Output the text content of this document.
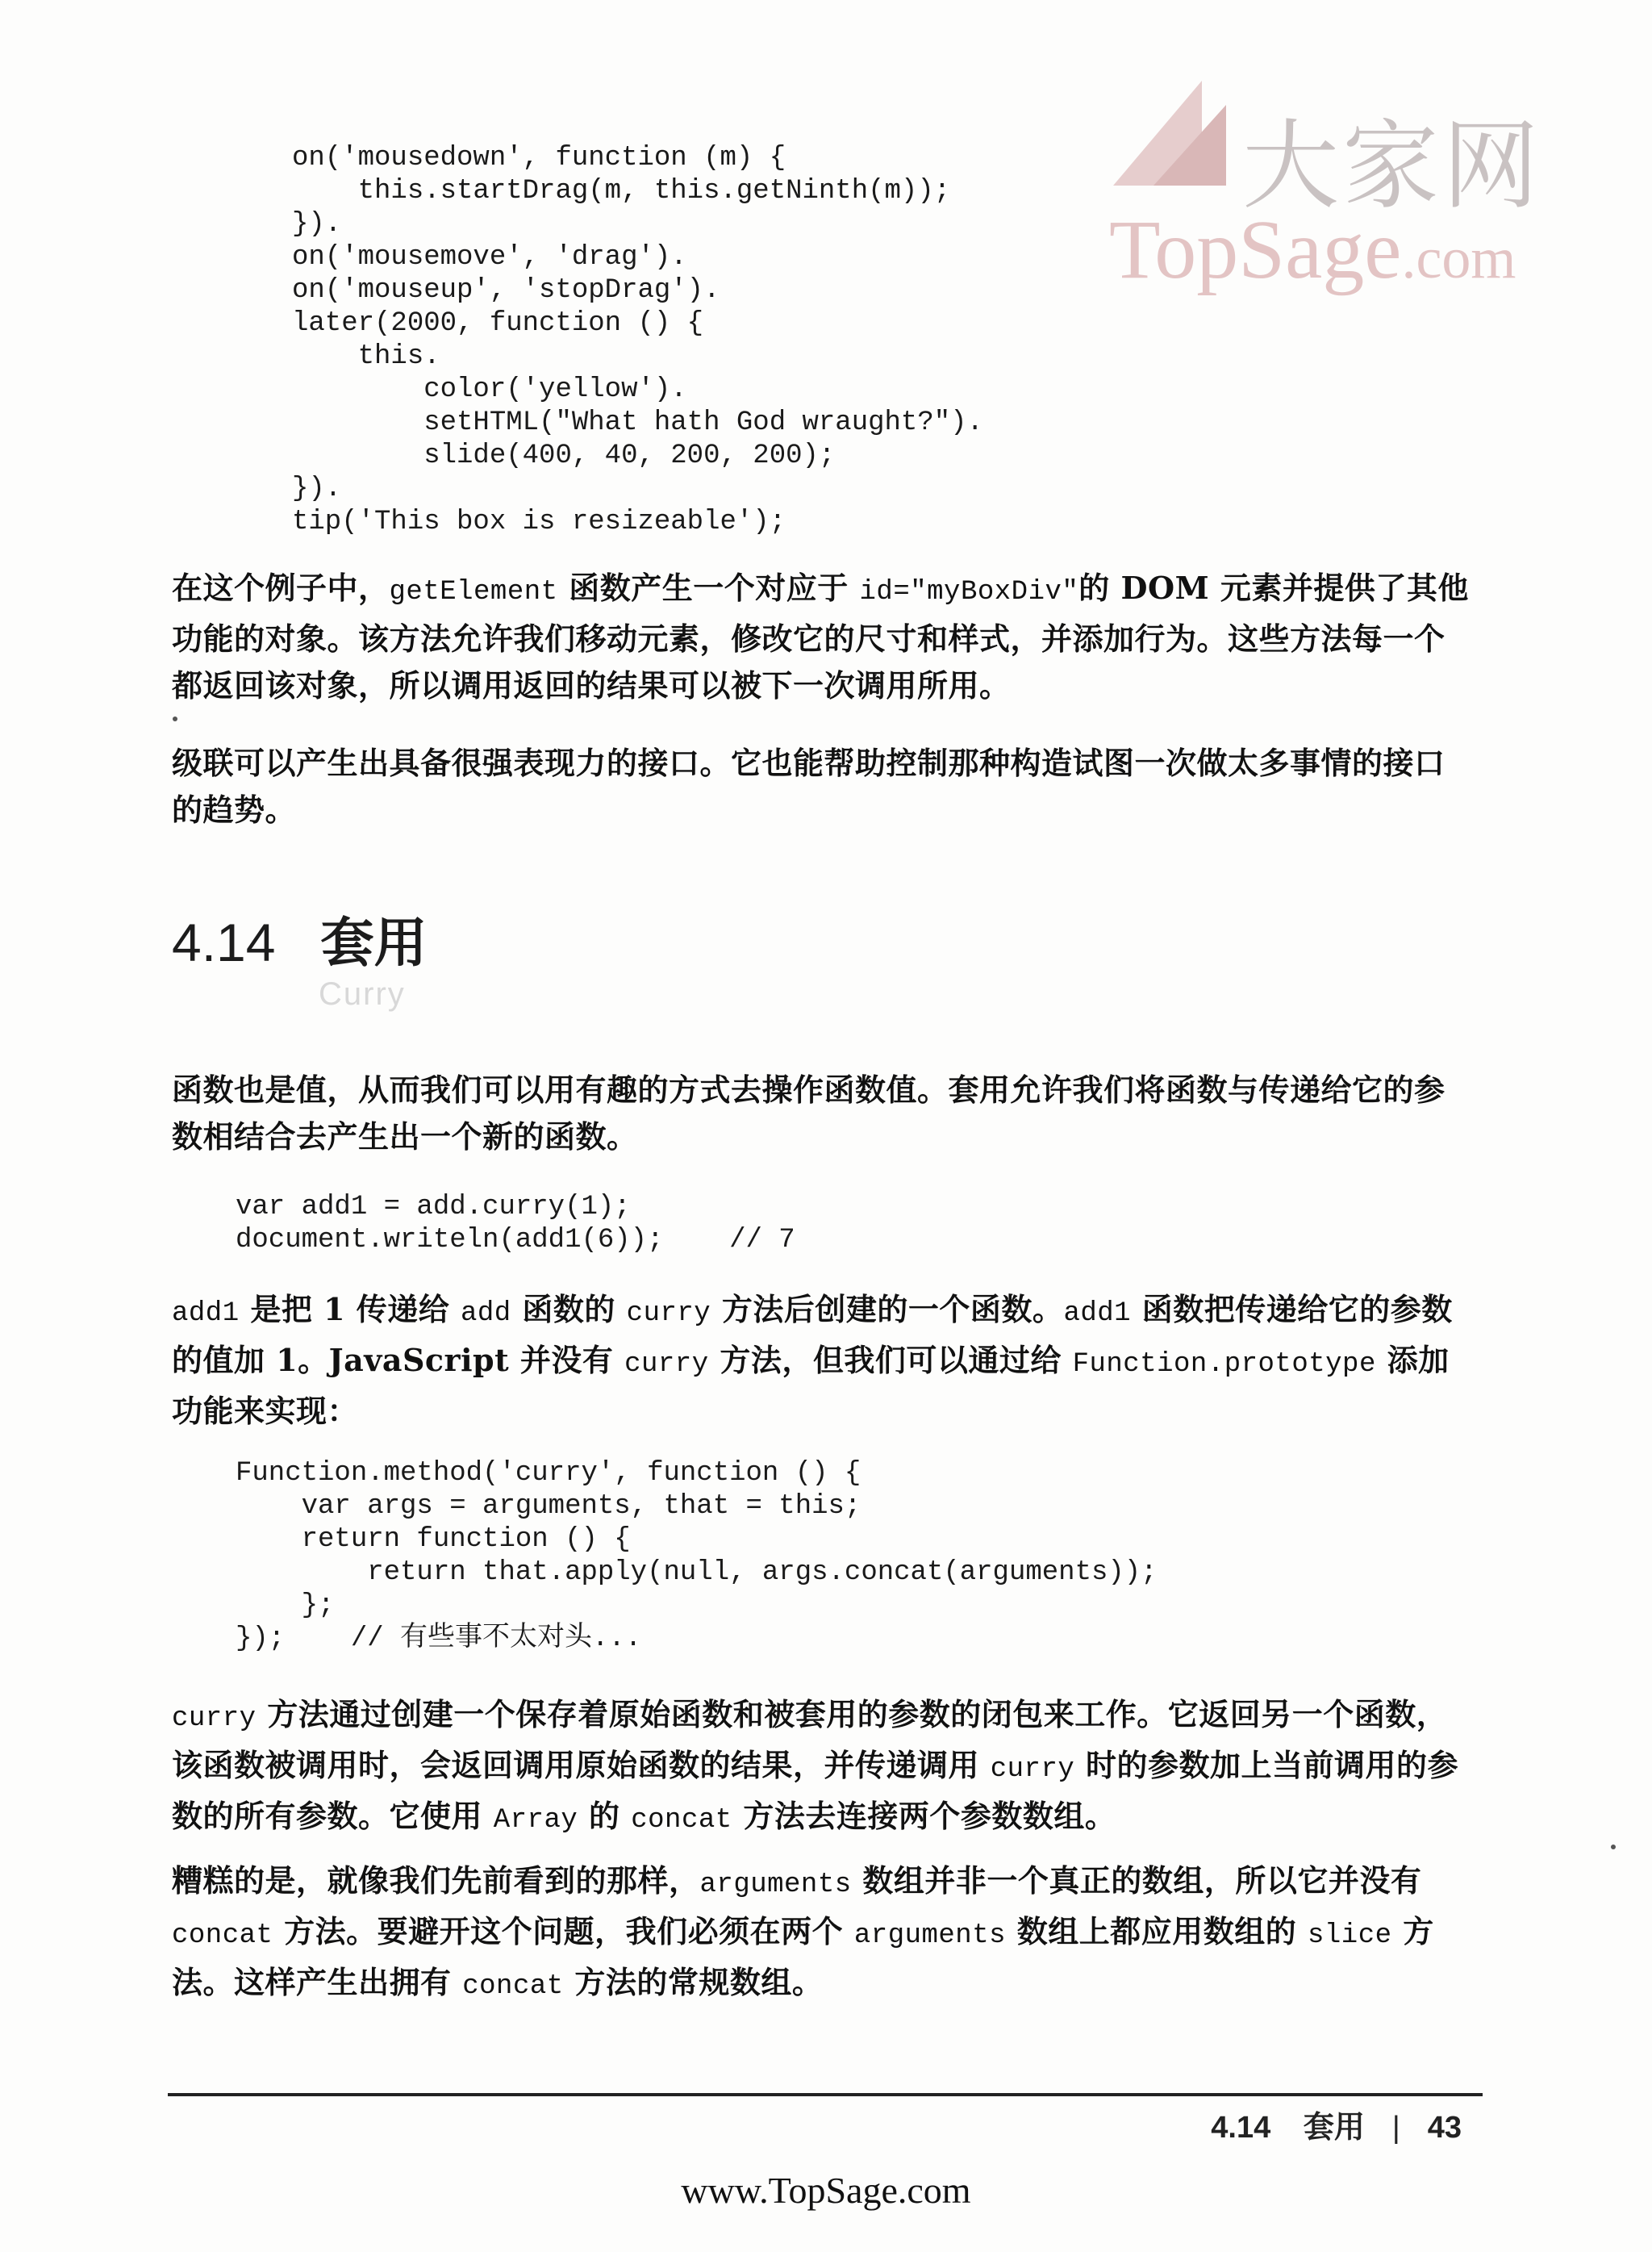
大家网
TopSage.com
on('mousedown', function (m) {
this.startDrag(m, this.getNinth(m));
}).
on('mousemove', 'drag').
on('mouseup', 'stopDrag').
later(2000, function () {
this.
color('yellow').
setHTML("What hath God wraught?").
slide(400, 40, 200, 200);
}).
tip('This box is resizeable');

在这个例子中，getElement 函数产生一个对应于 id="myBoxDiv"的 DOM 元素并提供了其他功能的对象。该方法允许我们移动元素，修改它的尺寸和样式，并添加行为。这些方法每一个都返回该对象，所以调用返回的结果可以被下一次调用所用。

级联可以产生出具备很强表现力的接口。它也能帮助控制那种构造试图一次做太多事情的接口的趋势。

4.14 套用
Curry

函数也是值，从而我们可以用有趣的方式去操作函数值。套用允许我们将函数与传递给它的参数相结合去产生出一个新的函数。

var add1 = add.curry(1);
document.writeln(add1(6));    // 7

add1 是把 1 传递给 add 函数的 curry 方法后创建的一个函数。add1 函数把传递给它的参数的值加 1。JavaScript 并没有 curry 方法，但我们可以通过给 Function.prototype 添加功能来实现：

Function.method('curry', function () {
var args = arguments, that = this;
return function () {
return that.apply(null, args.concat(arguments));
};
});    // 有些事不太对头...

curry 方法通过创建一个保存着原始函数和被套用的参数的闭包来工作。它返回另一个函数，该函数被调用时，会返回调用原始函数的结果，并传递调用 curry 时的参数加上当前调用的参数的所有参数。它使用 Array 的 concat 方法去连接两个参数数组。

糟糕的是，就像我们先前看到的那样，arguments 数组并非一个真正的数组，所以它并没有 concat 方法。要避开这个问题，我们必须在两个 arguments 数组上都应用数组的 slice 方法。这样产生出拥有 concat 方法的常规数组。

4.14 套用 | 43
www.TopSage.com
